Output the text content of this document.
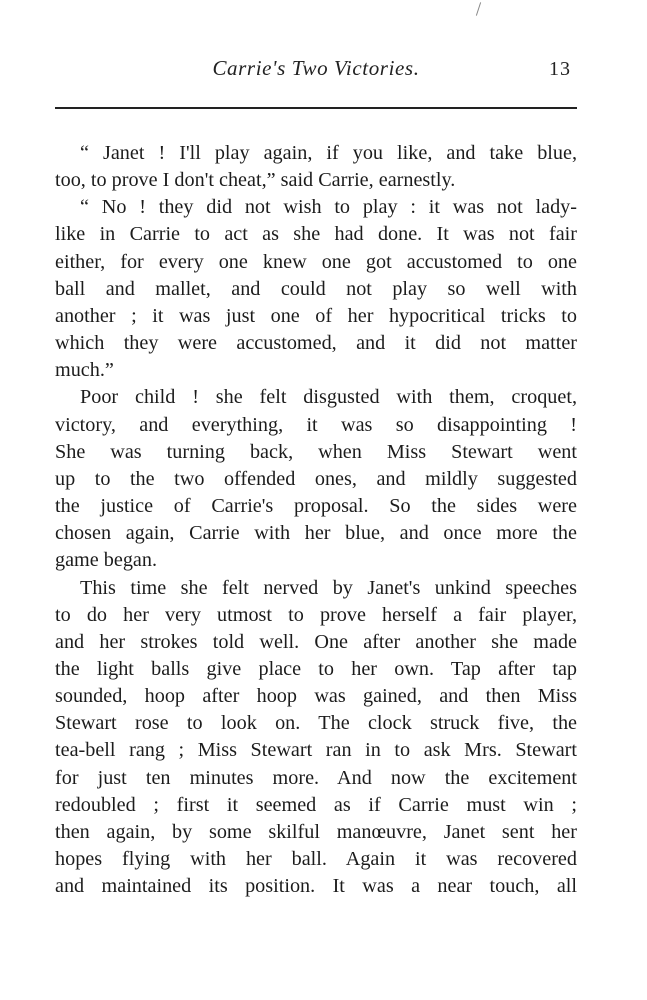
Carrie's Two Victories.	13

“ Janet ! I'll play again, if you like, and take blue,
too, to prove I don't cheat,” said Carrie, earnestly.

“ No ! they did not wish to play : it was not lady-
like in Carrie to act as she had done. It was not fair
either, for every one knew one got accustomed to one
ball and mallet, and could not play so well with
another ; it was just one of her hypocritical tricks to
which they were accustomed, and it did not matter
much.”

Poor child ! she felt disgusted with them, croquet,
victory, and everything, it was so disappointing !
She was turning back, when Miss Stewart went
up to the two offended ones, and mildly suggested
the justice of Carrie's proposal. So the sides were
chosen again, Carrie with her blue, and once more the
game began.

This time she felt nerved by Janet's unkind speeches
to do her very utmost to prove herself a fair player,
and her strokes told well. One after another she made
the light balls give place to her own. Tap after tap
sounded, hoop after hoop was gained, and then Miss
Stewart rose to look on. The clock struck five, the
tea-bell rang ; Miss Stewart ran in to ask Mrs. Stewart
for just ten minutes more. And now the excitement
redoubled ; first it seemed as if Carrie must win ;
then again, by some skilful manœuvre, Janet sent her
hopes flying with her ball. Again it was recovered
and maintained its position. It was a near touch, all
